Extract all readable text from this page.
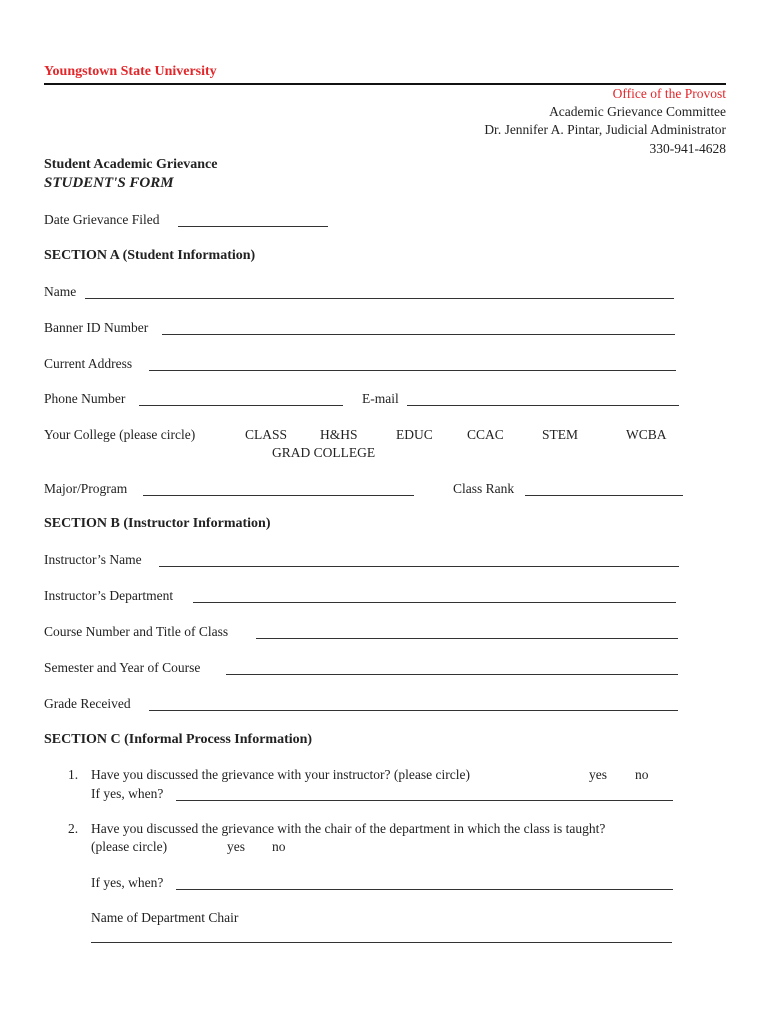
Youngstown State University
Office of the Provost
Academic Grievance Committee
Dr. Jennifer A. Pintar, Judicial Administrator
330-941-4628
Student Academic Grievance
STUDENT'S FORM
Date Grievance Filed
SECTION A (Student Information)
Name
Banner ID Number
Current Address
Phone Number	E-mail
Your College (please circle)	CLASS H&HS	EDUC	CCAC	STEM	WCBA
GRAD COLLEGE
Major/Program	Class Rank
SECTION B (Instructor Information)
Instructor’s Name
Instructor’s Department
Course Number and Title of Class
Semester and Year of Course
Grade Received
SECTION C (Informal Process Information)
1. Have you discussed the grievance with your instructor? (please circle)	yes no
If yes, when?
2. Have you discussed the grievance with the chair of the department in which the class is taught?
(please circle)	yes no
If yes, when?
Name of Department Chair
